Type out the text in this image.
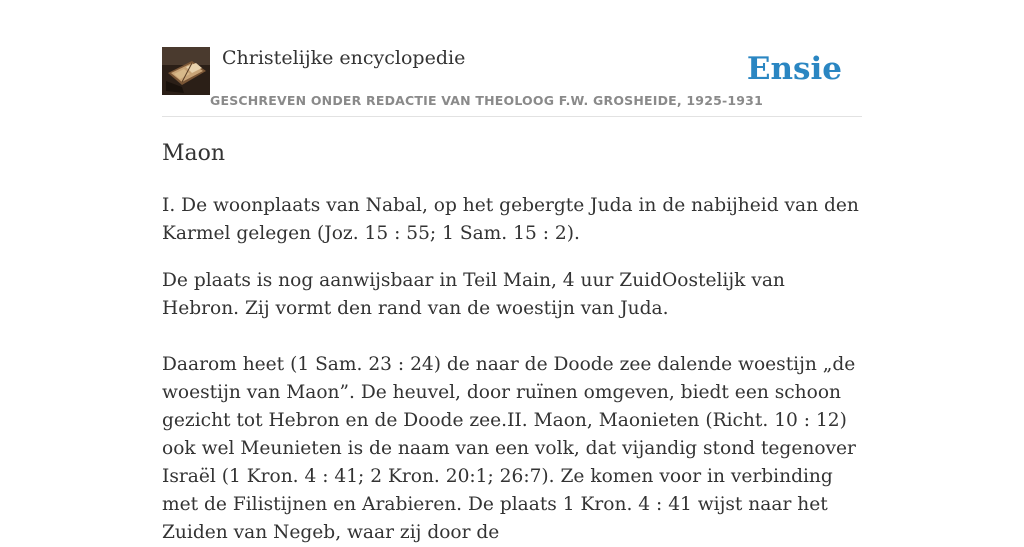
Christelijke encyclopedie
GESCHREVEN ONDER REDACTIE VAN THEOLOOG F.W. GROSHEIDE, 1925-1931
Ensie
Maon

I. De woonplaats van Nabal, op het gebergte Juda in de nabijheid van den Karmel gelegen (Joz. 15 : 55; 1 Sam. 15 : 2).

De plaats is nog aanwijsbaar in Teil Main, 4 uur ZuidOostelijk van Hebron. Zij vormt den rand van de woestijn van Juda.

Daarom heet (1 Sam. 23 : 24) de naar de Doode zee dalende woestijn „de woestijn van Maon”. De heuvel, door ruïnen omgeven, biedt een schoon gezicht tot Hebron en de Doode zee.II. Maon, Maonieten (Richt. 10 : 12) ook wel Meunieten is de naam van een volk, dat vijandig stond tegenover Israël (1 Kron. 4 : 41; 2 Kron. 20:1; 26:7). Ze komen voor in verbinding met de Filistijnen en Arabieren. De plaats 1 Kron. 4 : 41 wijst naar het Zuiden van Negeb, waar zij door de
